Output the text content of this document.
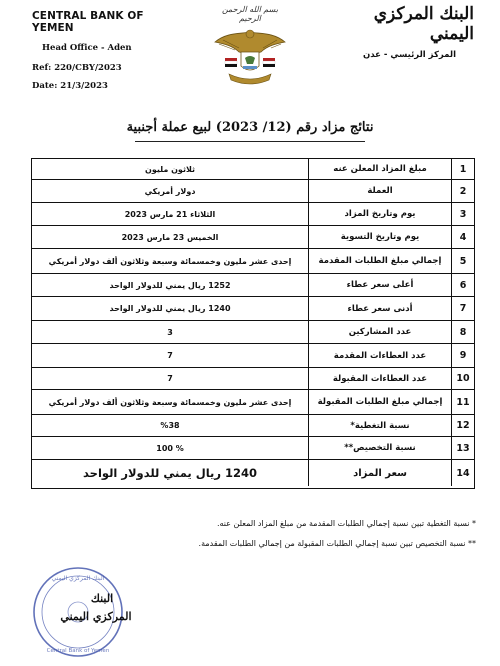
CENTRAL BANK OF YEMEN
Head Office - Aden
Ref: 220/CBY/2023
Date: 21/3/2023
بسم الله الرحمن الرحيم	البنك المركزي اليمني
المركز الرئيسي - عدن
نتائج مزاد رقم (12/ 2023) لبيع عملة أجنبية
1
مبلغ المزاد المعلن عنه
ثلاثون مليون
2
العملة
دولار أمريكي
3
يوم وتاريخ المزاد
الثلاثاء 21 مارس 2023
4
يوم وتاريخ التسوية
الخميس 23 مارس 2023
5
إجمالي مبلغ الطلبات المقدمة
إحدى عشر مليون وخمسمائة وسبعة وثلاثون ألف دولار أمريكي
6
أعلى سعر عطاء
1252 ريال يمني للدولار الواحد
7
أدنى سعر عطاء
1240 ريال يمني للدولار الواحد
8
عدد المشاركين
3
9
عدد العطاءات المقدمة
7
10
عدد العطاءات المقبولة
7
11
إجمالي مبلغ الطلبات المقبولة
إحدى عشر مليون وخمسمائة وسبعة وثلاثون ألف دولار أمريكي
12
نسبة التغطية*
%38
13
نسبة التخصيص**
% 100
14
سعر المزاد
1240 ريال يمني للدولار الواحد
* نسبة التغطية تبين نسبة إجمالي الطلبات المقدمة من مبلغ المزاد المعلن عنه.
** نسبة التخصيص تبين نسبة إجمالي الطلبات المقبولة من إجمالي الطلبات المقدمة.
البنك المركزي اليمني
Central Bank of Yemen
البنك
المركزي اليمني
